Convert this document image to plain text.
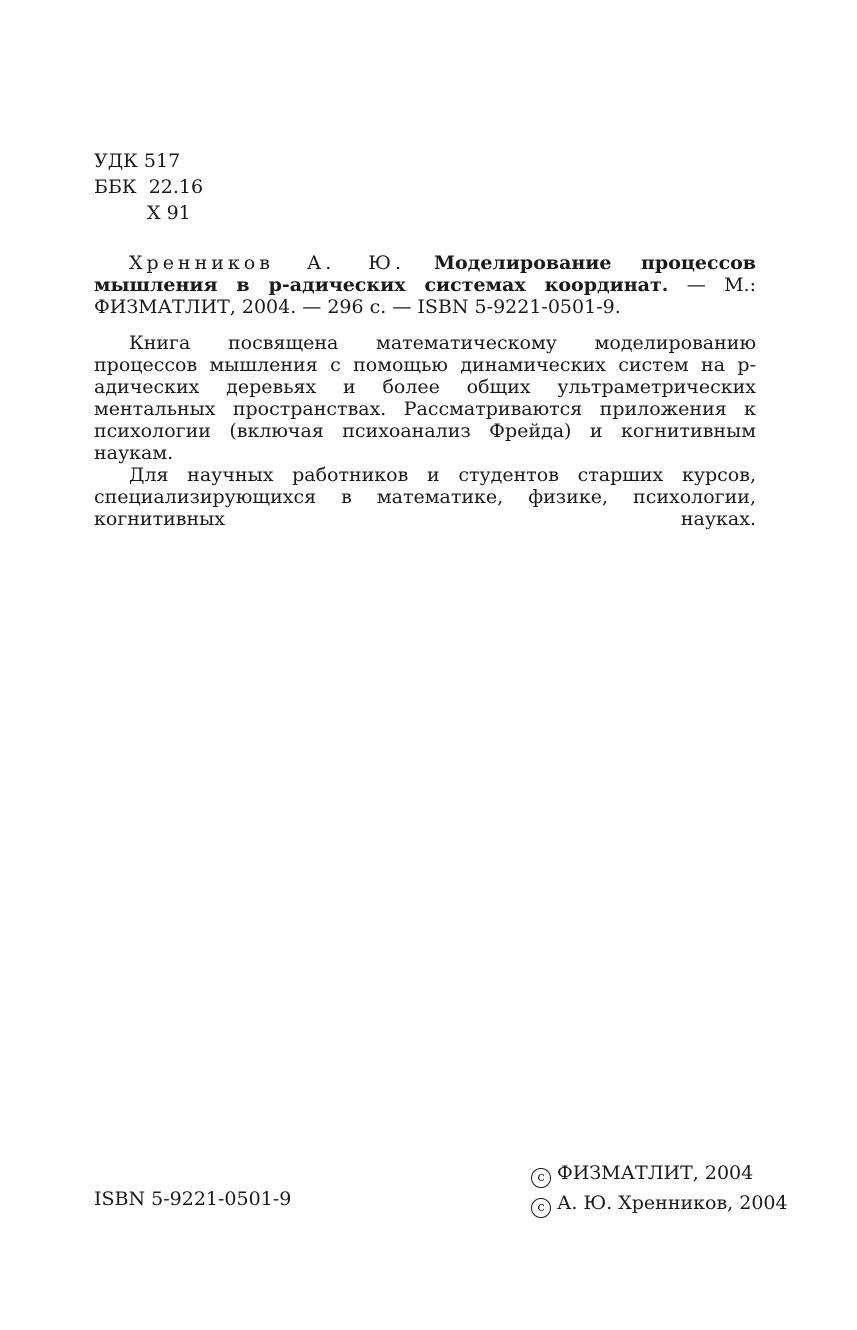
УДК 517
ББК  22.16
Х 91
Хренников А. Ю. Моделирование процессов мышления в p-адических системах координат. — М.: ФИЗМАТЛИТ, 2004. — 296 с. — ISBN 5-9221-0501-9.

Книга посвящена математическому моделированию процессов мышления с помощью динамических систем на p-адических деревьях и более общих ультраметрических ментальных пространствах. Рассматриваются приложения к психологии (включая психоанализ Фрейда) и когнитивным наукам.

Для научных работников и студентов старших курсов, специализирующихся в математике, физике, психологии, когнитивных науках.

ISBN 5-9221-0501-9
c ФИЗМАТЛИТ, 2004
c А. Ю. Хренников, 2004
